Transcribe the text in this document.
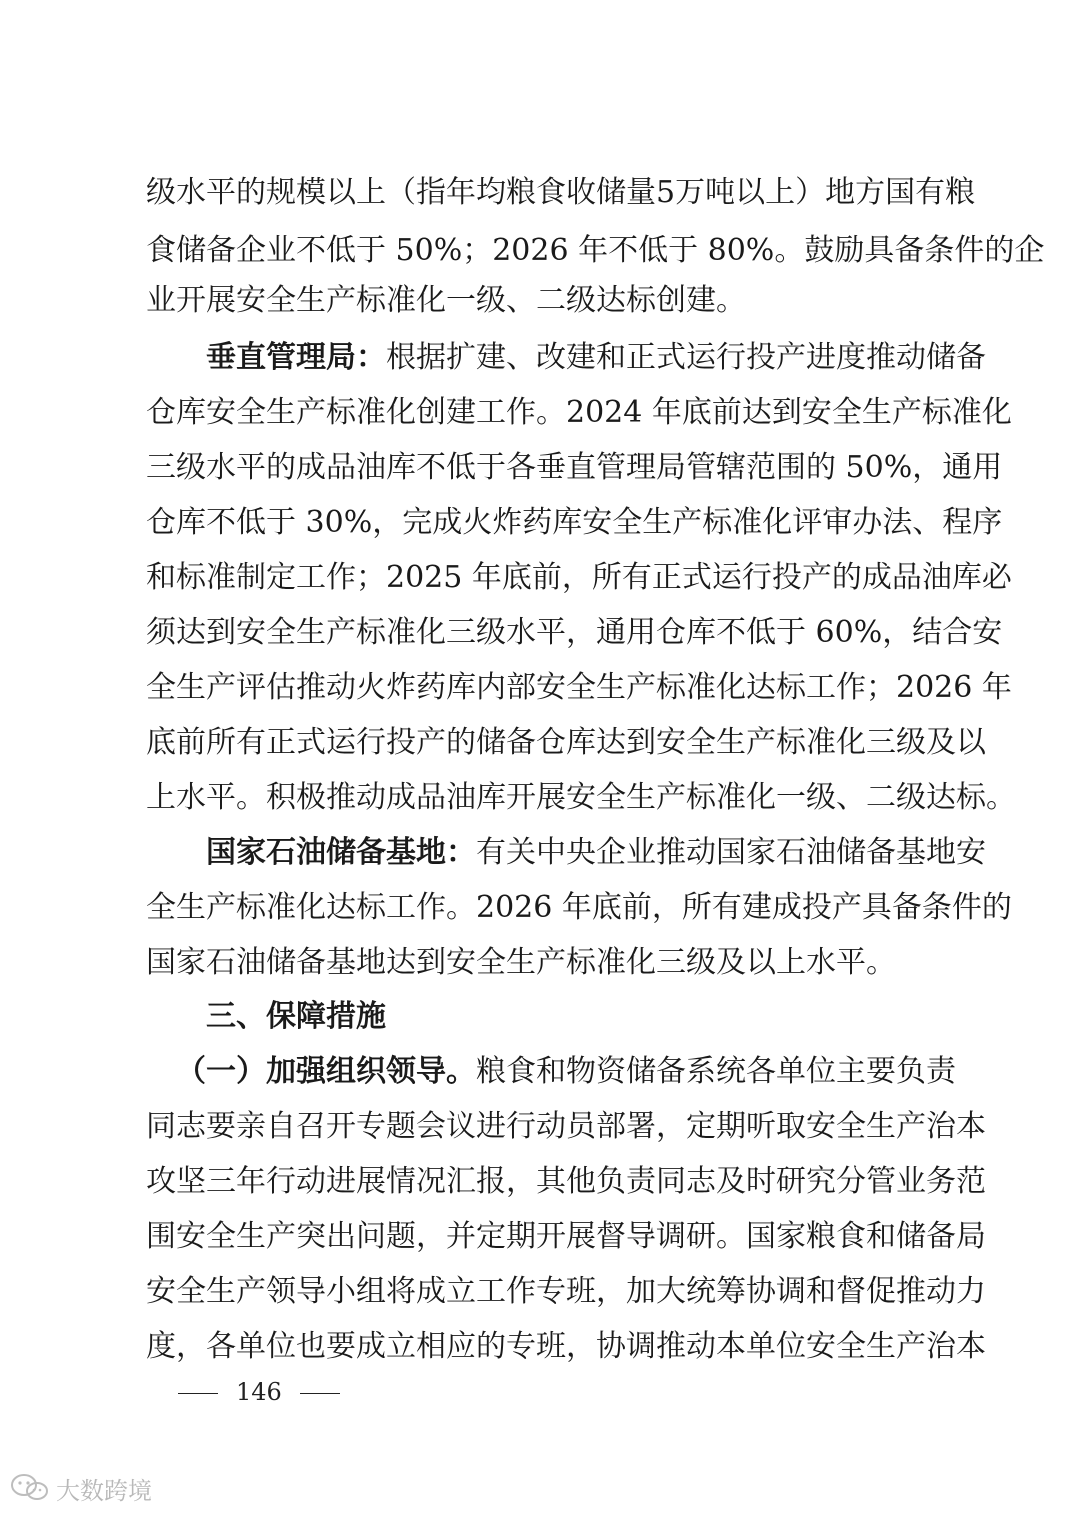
级水平的规模以上（指年均粮食收储量5万吨以上）地方国有粮
食储备企业不低于 50%；2026 年不低于 80%。鼓励具备条件的企
业开展安全生产标准化一级、二级达标创建。
垂直管理局：根据扩建、改建和正式运行投产进度推动储备
仓库安全生产标准化创建工作。2024 年底前达到安全生产标准化
三级水平的成品油库不低于各垂直管理局管辖范围的 50%，通用
仓库不低于 30%，完成火炸药库安全生产标准化评审办法、程序
和标准制定工作；2025 年底前，所有正式运行投产的成品油库必
须达到安全生产标准化三级水平，通用仓库不低于 60%，结合安
全生产评估推动火炸药库内部安全生产标准化达标工作；2026 年
底前所有正式运行投产的储备仓库达到安全生产标准化三级及以
上水平。积极推动成品油库开展安全生产标准化一级、二级达标。
国家石油储备基地：有关中央企业推动国家石油储备基地安
全生产标准化达标工作。2026 年底前，所有建成投产具备条件的
国家石油储备基地达到安全生产标准化三级及以上水平。
三、保障措施
（一）加强组织领导。粮食和物资储备系统各单位主要负责
同志要亲自召开专题会议进行动员部署，定期听取安全生产治本
攻坚三年行动进展情况汇报，其他负责同志及时研究分管业务范
围安全生产突出问题，并定期开展督导调研。国家粮食和储备局
安全生产领导小组将成立工作专班，加大统筹协调和督促推动力
度，各单位也要成立相应的专班，协调推动本单位安全生产治本
146
大数跨境
